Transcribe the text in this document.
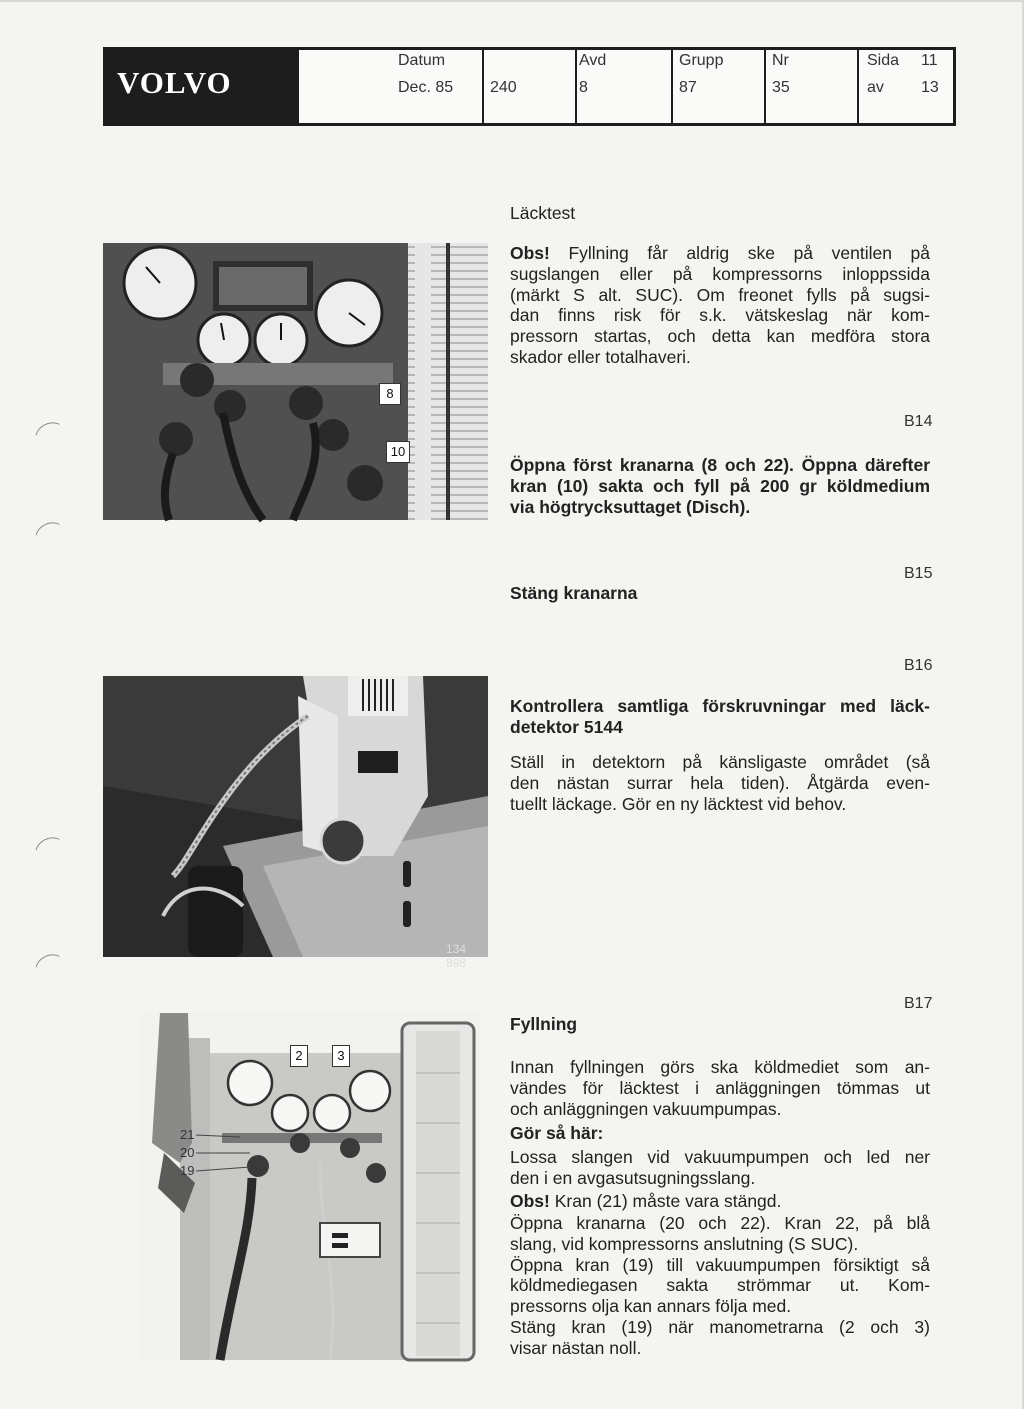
VOLVO
Datum
Dec. 85 240
Avd
8
Grupp
87
Nr
35
Sida 11
av 13
Läcktest
8
10
Obs! Fyllning får aldrig ske på ventilen på
sugslangen eller på kompressorns inloppssida
(märkt S alt. SUC). Om freonet fylls på sugsi-
dan finns risk för s.k. vätskeslag när kom-
pressorn startas, och detta kan medföra stora
skador eller totalhaveri.
B14
Öppna först kranarna (8 och 22). Öppna därefter
kran (10) sakta och fyll på 200 gr köldmedium
via högtrycksuttaget (Disch).
B15
Stäng kranarna
B16
134 898
Kontrollera samtliga förskruvningar med läck-
detektor 5144
Ställ in detektorn på känsligaste området (så
den nästan surrar hela tiden). Åtgärda even-
tuellt läckage. Gör en ny läcktest vid behov.
B17
Fyllning
2	3
21
20
19
Innan fyllningen görs ska köldmediet som an-
vändes för läcktest i anläggningen tömmas ut
och anläggningen vakuumpumpas.
Gör så här:
Lossa slangen vid vakuumpumpen och led ner
den i en avgasutsugningsslang.
Obs! Kran (21) måste vara stängd.
Öppna kranarna (20 och 22). Kran 22, på blå
slang, vid kompressorns anslutning (S SUC).
Öppna kran (19) till vakuumpumpen försiktigt så
köldmediegasen sakta strömmar ut. Kom-
pressorns olja kan annars följa med.
Stäng kran (19) när manometrarna (2 och 3)
visar nästan noll.
